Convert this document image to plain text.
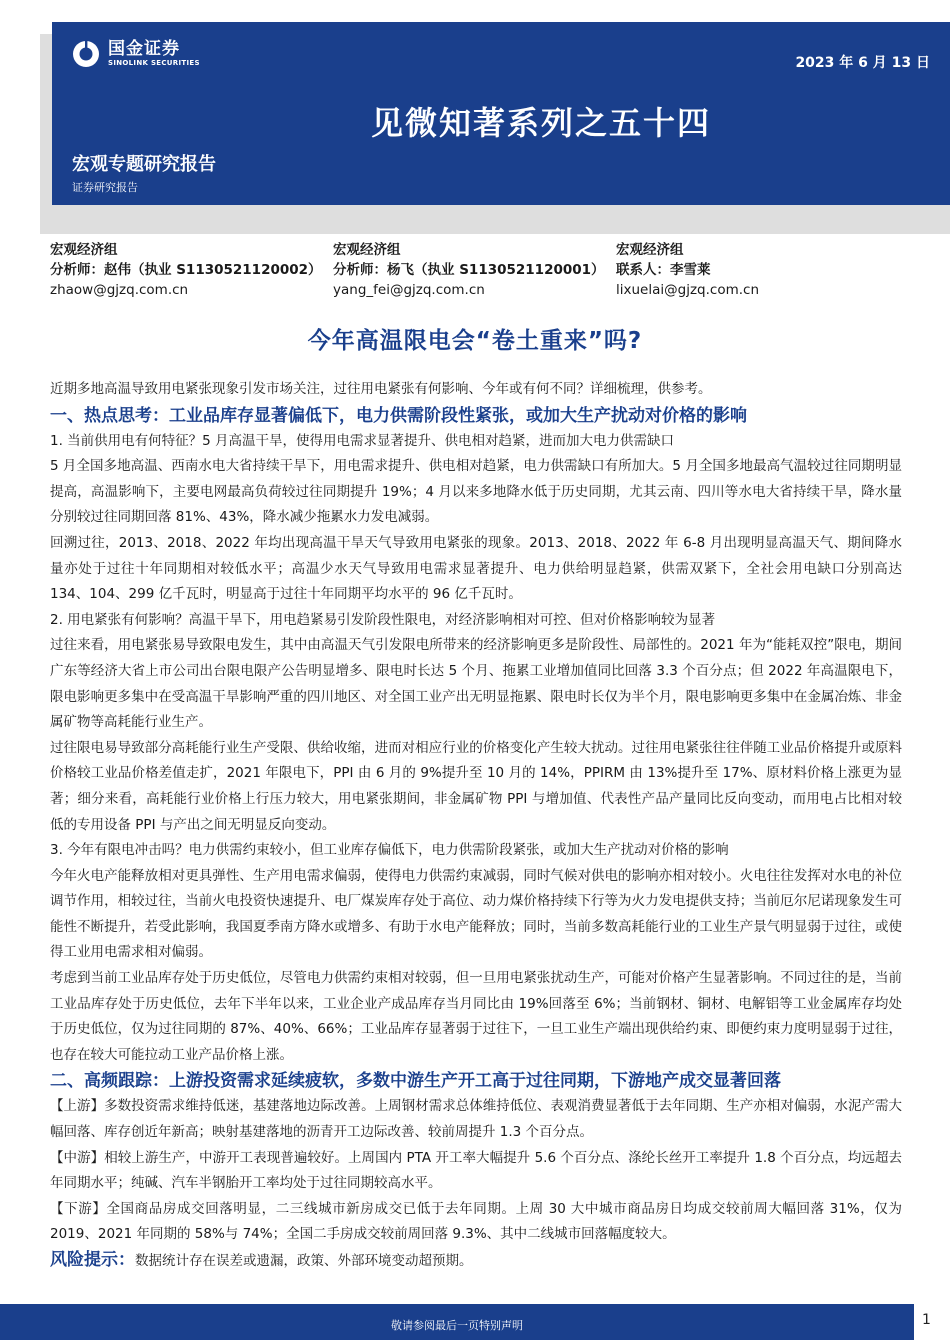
国金证券
SINOLINK SECURITIES	2023 年 6 月 13 日
见微知著系列之五十四
宏观专题研究报告
证券研究报告
宏观经济组
分析师：赵伟（执业 S1130521120002）
zhaow@gjzq.com.cn
宏观经济组
分析师：杨飞（执业 S1130521120001）
yang_fei@gjzq.com.cn
宏观经济组
联系人：李雪莱
lixuelai@gjzq.com.cn
今年高温限电会“卷土重来”吗?

近期多地高温导致用电紧张现象引发市场关注，过往用电紧张有何影响、今年或有何不同？详细梳理，供参考。

一、热点思考：工业品库存显著偏低下，电力供需阶段性紧张，或加大生产扰动对价格的影响

1. 当前供用电有何特征？5 月高温干旱，使得用电需求显著提升、供电相对趋紧，进而加大电力供需缺口

5 月全国多地高温、西南水电大省持续干旱下，用电需求提升、供电相对趋紧，电力供需缺口有所加大。5 月全国多地最高气温较过往同期明显提高，高温影响下，主要电网最高负荷较过往同期提升 19%；4 月以来多地降水低于历史同期，尤其云南、四川等水电大省持续干旱，降水量分别较过往同期回落 81%、43%，降水减少拖累水力发电减弱。

回溯过往，2013、2018、2022 年均出现高温干旱天气导致用电紧张的现象。2013、2018、2022 年 6-8 月出现明显高温天气、期间降水量亦处于过往十年同期相对较低水平；高温少水天气导致用电需求显著提升、电力供给明显趋紧，供需双紧下，全社会用电缺口分别高达 134、104、299 亿千瓦时，明显高于过往十年同期平均水平的 96 亿千瓦时。

2. 用电紧张有何影响？高温干旱下，用电趋紧易引发阶段性限电，对经济影响相对可控、但对价格影响较为显著

过往来看，用电紧张易导致限电发生，其中由高温天气引发限电所带来的经济影响更多是阶段性、局部性的。2021 年为“能耗双控”限电，期间广东等经济大省上市公司出台限电限产公告明显增多、限电时长达 5 个月、拖累工业增加值同比回落 3.3 个百分点；但 2022 年高温限电下，限电影响更多集中在受高温干旱影响严重的四川地区、对全国工业产出无明显拖累、限电时长仅为半个月，限电影响更多集中在金属冶炼、非金属矿物等高耗能行业生产。

过往限电易导致部分高耗能行业生产受限、供给收缩，进而对相应行业的价格变化产生较大扰动。过往用电紧张往往伴随工业品价格提升或原料价格较工业品价格差值走扩，2021 年限电下，PPI 由 6 月的 9%提升至 10 月的 14%，PPIRM 由 13%提升至 17%、原材料价格上涨更为显著；细分来看，高耗能行业价格上行压力较大，用电紧张期间，非金属矿物 PPI 与增加值、代表性产品产量同比反向变动，而用电占比相对较低的专用设备 PPI 与产出之间无明显反向变动。

3. 今年有限电冲击吗？电力供需约束较小，但工业库存偏低下，电力供需阶段紧张，或加大生产扰动对价格的影响

今年火电产能释放相对更具弹性、生产用电需求偏弱，使得电力供需约束减弱，同时气候对供电的影响亦相对较小。火电往往发挥对水电的补位调节作用，相较过往，当前火电投资快速提升、电厂煤炭库存处于高位、动力煤价格持续下行等为火力发电提供支持；当前厄尔尼诺现象发生可能性不断提升，若受此影响，我国夏季南方降水或增多、有助于水电产能释放；同时，当前多数高耗能行业的工业生产景气明显弱于过往，或使得工业用电需求相对偏弱。

考虑到当前工业品库存处于历史低位，尽管电力供需约束相对较弱，但一旦用电紧张扰动生产，可能对价格产生显著影响。不同过往的是，当前工业品库存处于历史低位，去年下半年以来，工业企业产成品库存当月同比由 19%回落至 6%；当前钢材、铜材、电解铝等工业金属库存均处于历史低位，仅为过往同期的 87%、40%、66%；工业品库存显著弱于过往下，一旦工业生产端出现供给约束、即便约束力度明显弱于过往，也存在较大可能拉动工业产品价格上涨。

二、高频跟踪：上游投资需求延续疲软，多数中游生产开工高于过往同期，下游地产成交显著回落

【上游】多数投资需求维持低迷，基建落地边际改善。上周钢材需求总体维持低位、表观消费显著低于去年同期、生产亦相对偏弱，水泥产需大幅回落、库存创近年新高；映射基建落地的沥青开工边际改善、较前周提升 1.3 个百分点。

【中游】相较上游生产，中游开工表现普遍较好。上周国内 PTA 开工率大幅提升 5.6 个百分点、涤纶长丝开工率提升 1.8 个百分点，均远超去年同期水平；纯碱、汽车半钢胎开工率均处于过往同期较高水平。

【下游】全国商品房成交回落明显，二三线城市新房成交已低于去年同期。上周 30 大中城市商品房日均成交较前周大幅回落 31%，仅为 2019、2021 年同期的 58%与 74%；全国二手房成交较前周回落 9.3%、其中二线城市回落幅度较大。

风险提示：数据统计存在误差或遗漏，政策、外部环境变动超预期。

敬请参阅最后一页特别声明	1
